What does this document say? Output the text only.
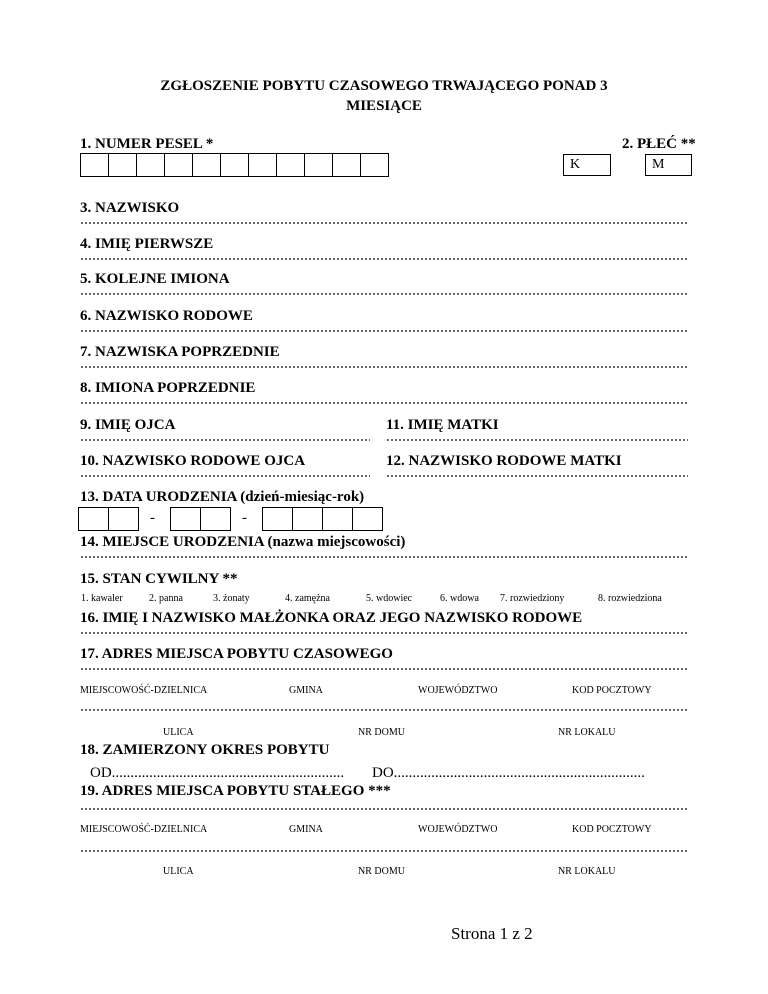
ZGŁOSZENIE POBYTU CZASOWEGO TRWAJĄCEGO PONAD 3
MIESIĄCE
1. NUMER PESEL *	2. PŁEĆ **
K	M
3. NAZWISKO
4. IMIĘ PIERWSZE
5. KOLEJNE IMIONA
6. NAZWISKO RODOWE
7. NAZWISKA POPRZEDNIE
8. IMIONA POPRZEDNIE
9. IMIĘ OJCA	11. IMIĘ MATKI
10. NAZWISKO RODOWE OJCA	12. NAZWISKO RODOWE MATKI
13. DATA URODZENIA (dzień-miesiąc-rok)
-	-
14. MIEJSCE URODZENIA (nazwa miejscowości)
15. STAN CYWILNY **
1. kawaler	2. panna	3. żonaty	4. zamężna	5. wdowiec	6. wdowa 7. rozwiedziony	8. rozwiedziona
16. IMIĘ I NAZWISKO MAŁŻONKA ORAZ JEGO NAZWISKO RODOWE
17. ADRES MIEJSCA POBYTU CZASOWEGO
MIEJSCOWOŚĆ-DZIELNICA	GMINA	WOJEWÓDZTWO	KOD POCZTOWY
ULICA	NR DOMU	NR LOKALU
18. ZAMIERZONY OKRES POBYTU
OD.............................................................. DO...................................................................
19. ADRES MIEJSCA POBYTU STAŁEGO ***
MIEJSCOWOŚĆ-DZIELNICA	GMINA	WOJEWÓDZTWO	KOD POCZTOWY
ULICA	NR DOMU	NR LOKALU
Strona 1 z 2
